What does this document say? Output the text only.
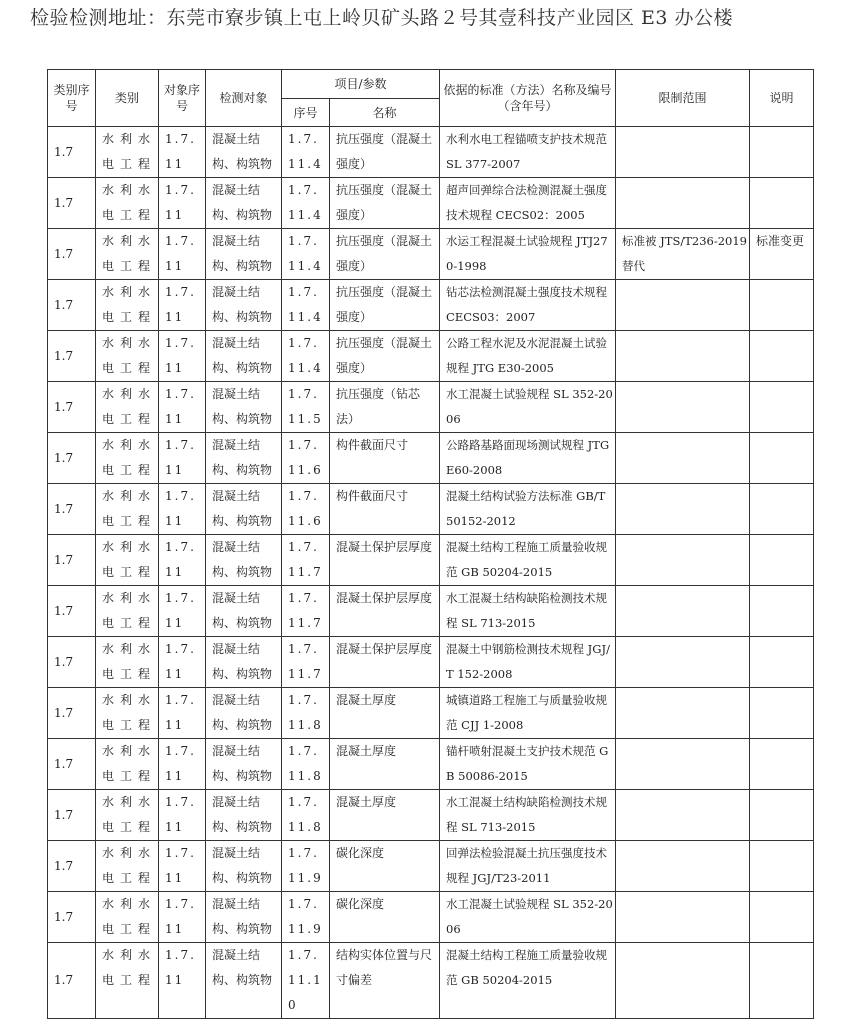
检验检测地址：东莞市寮步镇上屯上岭贝矿头路２号其壹科技产业园区 E3 办公楼
类别序号	类别	对象序号	检测对象	项目/参数		依据的标准（方法）名称及编号（含年号）	限制范围	说明
				序号	名称			
1.7	水利水电工程	1.7.11	混凝土结构、构筑物	1.7.11.4	抗压强度（混凝土强度）	水利水电工程锚喷支护技术规范 SL 377-2007		

1.7	水利水电工程	1.7.11	混凝土结构、构筑物	1.7.11.4	抗压强度（混凝土强度）	超声回弹综合法检测混凝土强度技术规程 CECS02：2005		

1.7	水利水电工程	1.7.11	混凝土结构、构筑物	1.7.11.4	抗压强度（混凝土强度）	水运工程混凝土试验规程 JTJ270-1998	标准被 JTS/T236-2019 替代	标准变更

1.7	水利水电工程	1.7.11	混凝土结构、构筑物	1.7.11.4	抗压强度（混凝土强度）	钻芯法检测混凝土强度技术规程 CECS03：2007		

1.7	水利水电工程	1.7.11	混凝土结构、构筑物	1.7.11.4	抗压强度（混凝土强度）	公路工程水泥及水泥混凝土试验规程 JTG E30-2005		

1.7	水利水电工程	1.7.11	混凝土结构、构筑物	1.7.11.5	抗压强度（钻芯法）	水工混凝土试验规程 SL 352-2006		

1.7	水利水电工程	1.7.11	混凝土结构、构筑物	1.7.11.6	构件截面尺寸	公路路基路面现场测试规程 JTG E60-2008		

1.7	水利水电工程	1.7.11	混凝土结构、构筑物	1.7.11.6	构件截面尺寸	混凝土结构试验方法标准 GB/T 50152-2012		

1.7	水利水电工程	1.7.11	混凝土结构、构筑物	1.7.11.7	混凝土保护层厚度	混凝土结构工程施工质量验收规范 GB 50204-2015		

1.7	水利水电工程	1.7.11	混凝土结构、构筑物	1.7.11.7	混凝土保护层厚度	水工混凝土结构缺陷检测技术规程 SL 713-2015		

1.7	水利水电工程	1.7.11	混凝土结构、构筑物	1.7.11.7	混凝土保护层厚度	混凝土中钢筋检测技术规程 JGJ/T 152-2008		

1.7	水利水电工程	1.7.11	混凝土结构、构筑物	1.7.11.8	混凝土厚度	城镇道路工程施工与质量验收规范 CJJ 1-2008		

1.7	水利水电工程	1.7.11	混凝土结构、构筑物	1.7.11.8	混凝土厚度	锚杆喷射混凝土支护技术规范 GB 50086-2015		

1.7	水利水电工程	1.7.11	混凝土结构、构筑物	1.7.11.8	混凝土厚度	水工混凝土结构缺陷检测技术规程 SL 713-2015		

1.7	水利水电工程	1.7.11	混凝土结构、构筑物	1.7.11.9	碳化深度	回弹法检验混凝土抗压强度技术规程 JGJ/T23-2011		

1.7	水利水电工程	1.7.11	混凝土结构、构筑物	1.7.11.9	碳化深度	水工混凝土试验规程 SL 352-2006		

1.7	水利水电工程	1.7.11	混凝土结构、构筑物	1.7.11.10	结构实体位置与尺寸偏差	混凝土结构工程施工质量验收规范 GB 50204-2015		
